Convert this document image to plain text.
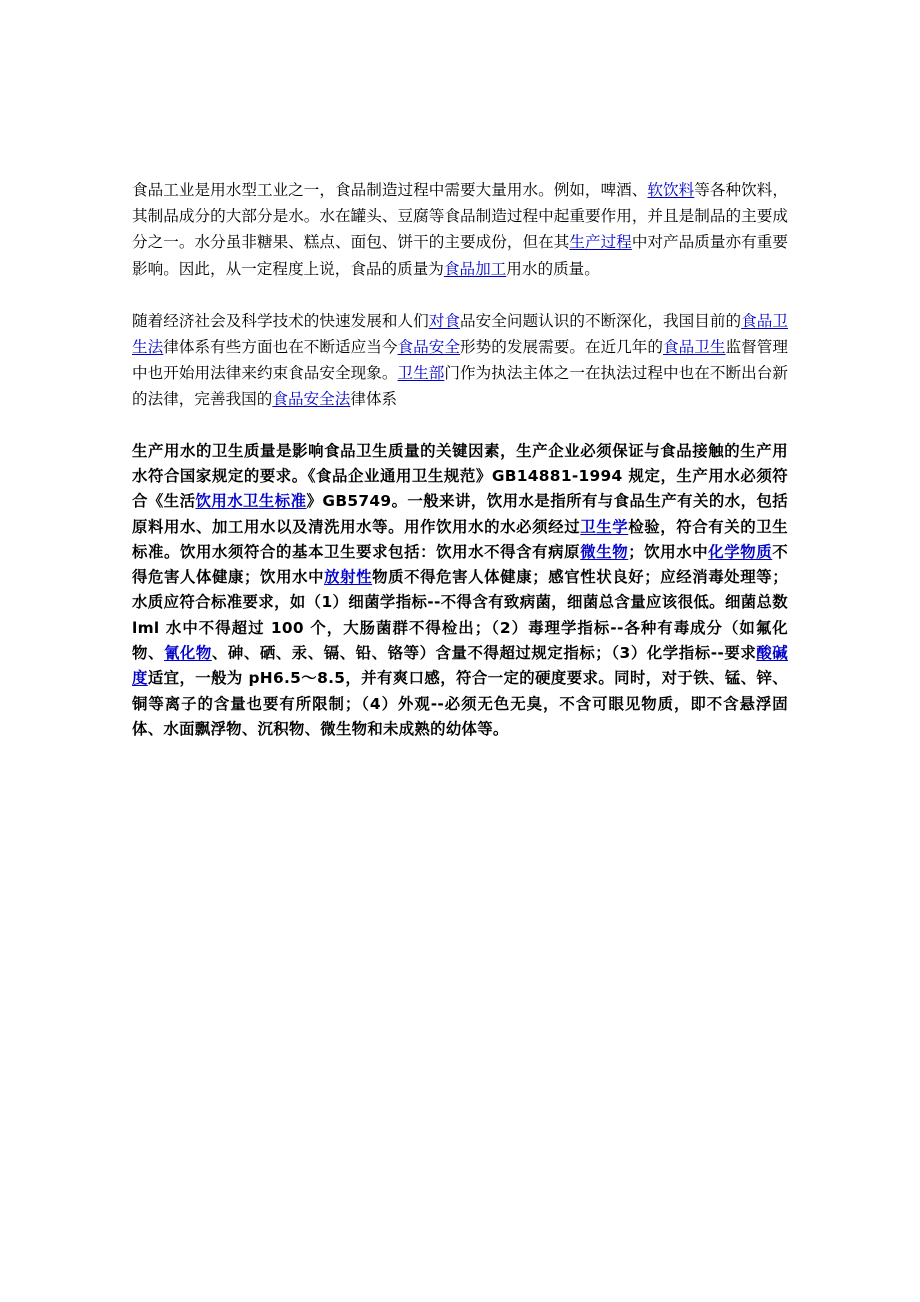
食品工业是用水型工业之一，食品制造过程中需要大量用水。例如，啤酒、软饮料等各种饮料，其制品成分的大部分是水。水在罐头、豆腐等食品制造过程中起重要作用，并且是制品的主要成分之一。水分虽非糖果、糕点、面包、饼干的主要成份，但在其生产过程中对产品质量亦有重要影响。因此，从一定程度上说，食品的质量为食品加工用水的质量。

随着经济社会及科学技术的快速发展和人们对食品安全问题认识的不断深化，我国目前的食品卫生法律体系有些方面也在不断适应当今食品安全形势的发展需要。在近几年的食品卫生监督管理中也开始用法律来约束食品安全现象。卫生部门作为执法主体之一在执法过程中也在不断出台新的法律，完善我国的食品安全法律体系

生产用水的卫生质量是影响食品卫生质量的关键因素，生产企业必须保证与食品接触的生产用水符合国家规定的要求。《食品企业通用卫生规范》GB14881-1994 规定，生产用水必须符合《生活饮用水卫生标准》GB5749。一般来讲，饮用水是指所有与食品生产有关的水，包括原料用水、加工用水以及清洗用水等。用作饮用水的水必须经过卫生学检验，符合有关的卫生标准。饮用水须符合的基本卫生要求包括：饮用水不得含有病原微生物；饮用水中化学物质不得危害人体健康；饮用水中放射性物质不得危害人体健康；感官性状良好；应经消毒处理等；水质应符合标准要求，如（1）细菌学指标--不得含有致病菌，细菌总含量应该很低。细菌总数 lml 水中不得超过 100 个，大肠菌群不得检出；（2）毒理学指标--各种有毒成分（如氟化物、氰化物、砷、硒、汞、镉、铅、铬等）含量不得超过规定指标；（3）化学指标--要求酸碱度适宜，一般为 pH6.5～8.5，并有爽口感，符合一定的硬度要求。同时，对于铁、锰、锌、铜等离子的含量也要有所限制；（4）外观--必须无色无臭，不含可眼见物质，即不含悬浮固体、水面飘浮物、沉积物、微生物和未成熟的幼体等。
